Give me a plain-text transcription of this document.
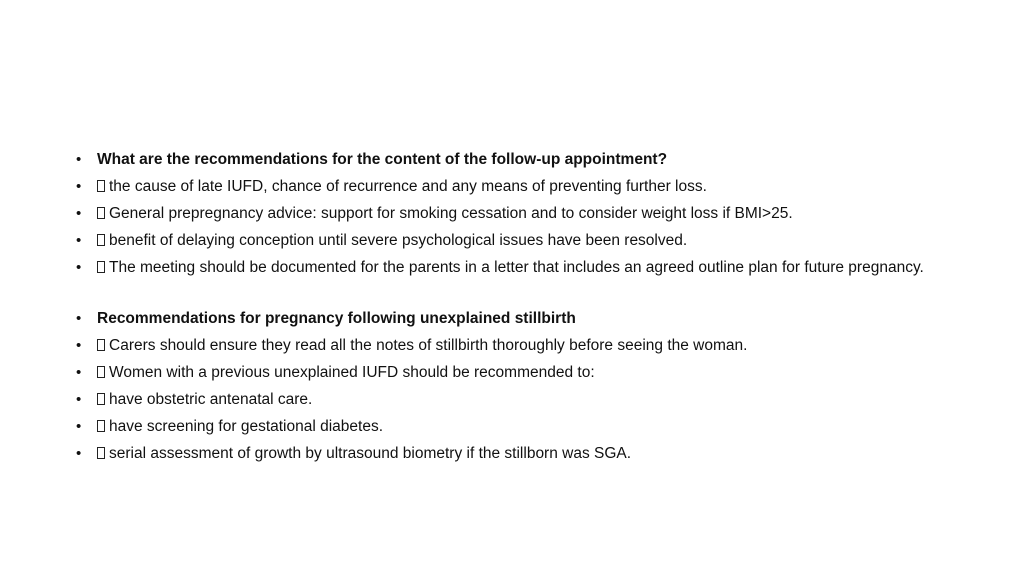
• What are the recommendations for the content of the follow-up appointment?
• the cause of late IUFD, chance of recurrence and any means of preventing further loss.
• General prepregnancy advice: support for smoking cessation and to consider weight loss if BMI>25.
• benefit of delaying conception until severe psychological issues have been resolved.
• The meeting should be documented for the parents in a letter that includes an agreed outline plan for future pregnancy.
• Recommendations for pregnancy following unexplained stillbirth
• Carers should ensure they read all the notes of stillbirth thoroughly before seeing the woman.
• Women with a previous unexplained IUFD should be recommended to:
• have obstetric antenatal care.
• have screening for gestational diabetes.
• serial assessment of growth by ultrasound biometry if the stillborn was SGA.
